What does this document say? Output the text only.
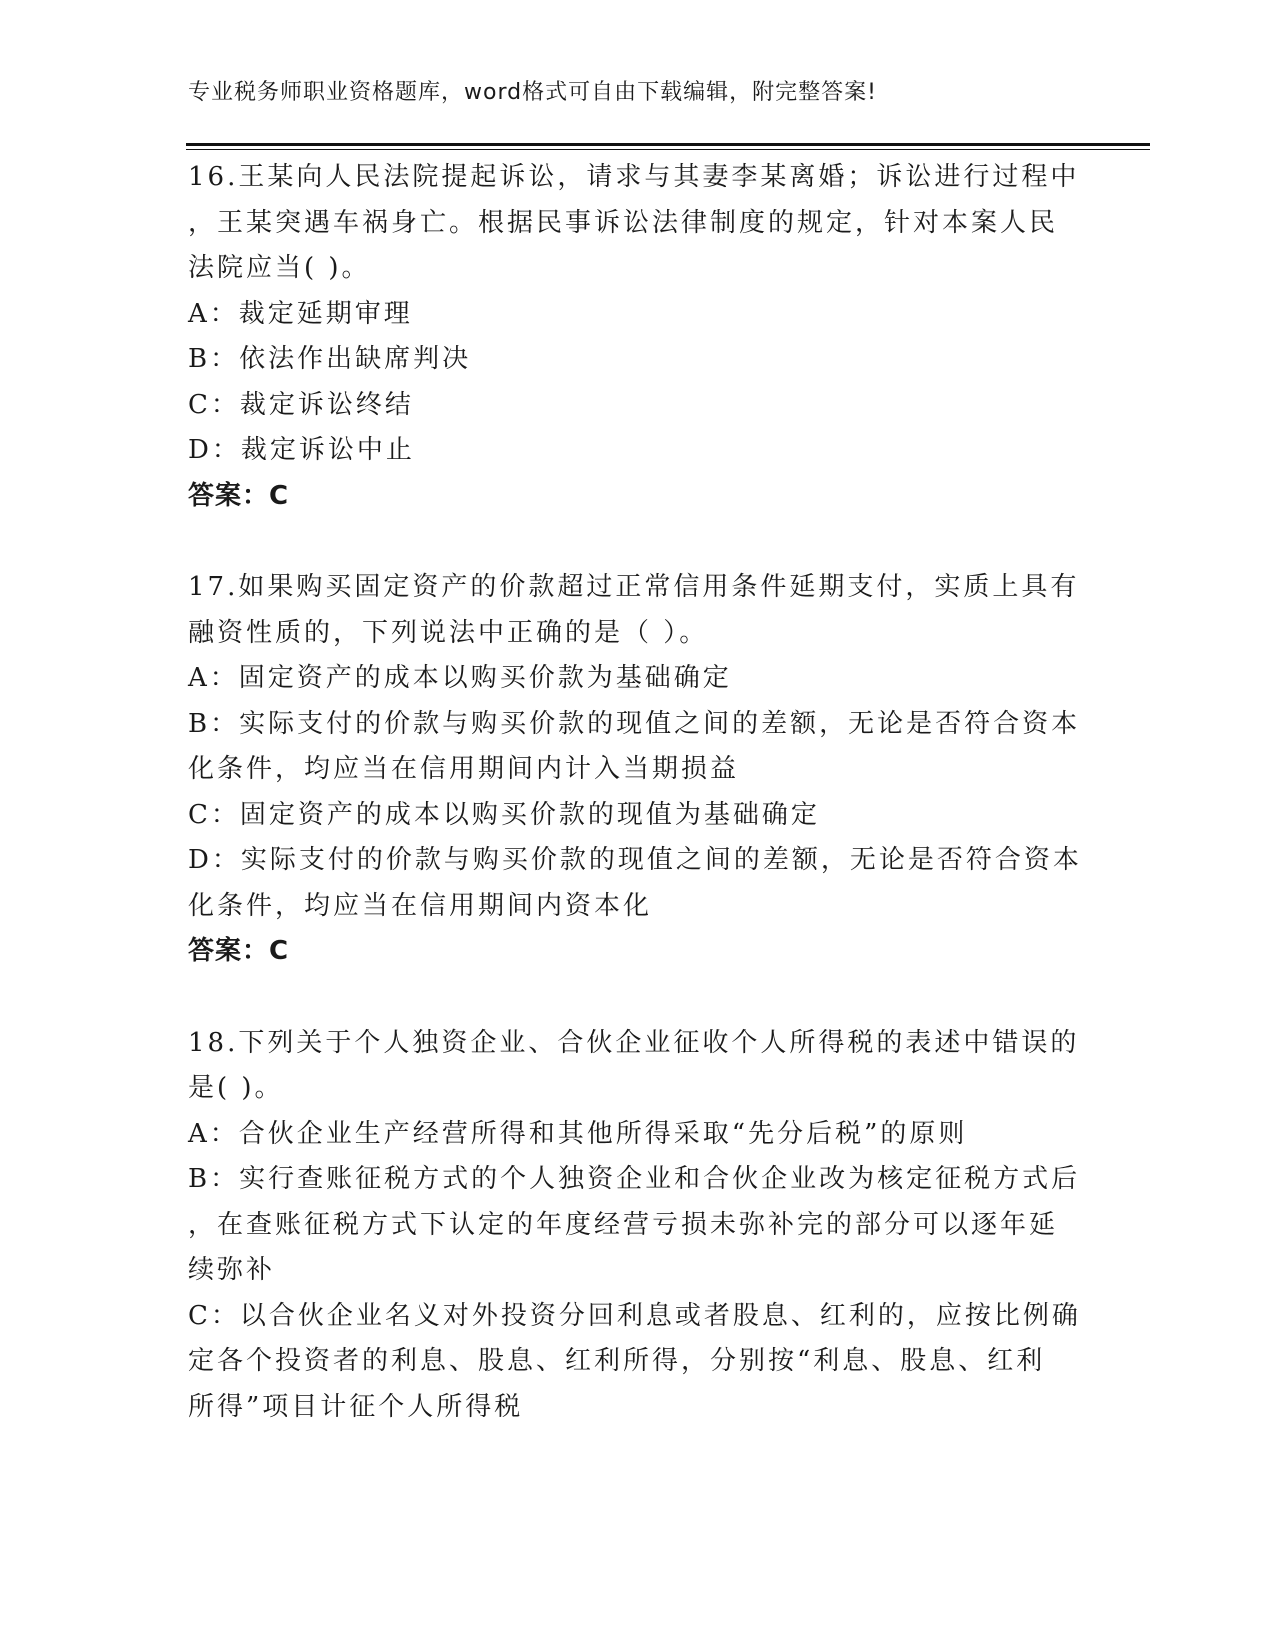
专业税务师职业资格题库，word格式可自由下载编辑，附完整答案!

16.王某向人民法院提起诉讼，请求与其妻李某离婚；诉讼进行过程中

，王某突遇车祸身亡。根据民事诉讼法律制度的规定，针对本案人民

法院应当( )。

A：裁定延期审理

B：依法作出缺席判决

C：裁定诉讼终结

D：裁定诉讼中止

答案：C

17.如果购买固定资产的价款超过正常信用条件延期支付，实质上具有

融资性质的，下列说法中正确的是（ ）。

A：固定资产的成本以购买价款为基础确定

B：实际支付的价款与购买价款的现值之间的差额，无论是否符合资本

化条件，均应当在信用期间内计入当期损益

C：固定资产的成本以购买价款的现值为基础确定

D：实际支付的价款与购买价款的现值之间的差额，无论是否符合资本

化条件，均应当在信用期间内资本化

答案：C

18.下列关于个人独资企业、合伙企业征收个人所得税的表述中错误的

是( )。

A：合伙企业生产经营所得和其他所得采取“先分后税”的原则

B：实行查账征税方式的个人独资企业和合伙企业改为核定征税方式后

，在查账征税方式下认定的年度经营亏损未弥补完的部分可以逐年延

续弥补

C：以合伙企业名义对外投资分回利息或者股息、红利的，应按比例确

定各个投资者的利息、股息、红利所得，分别按“利息、股息、红利

所得”项目计征个人所得税
